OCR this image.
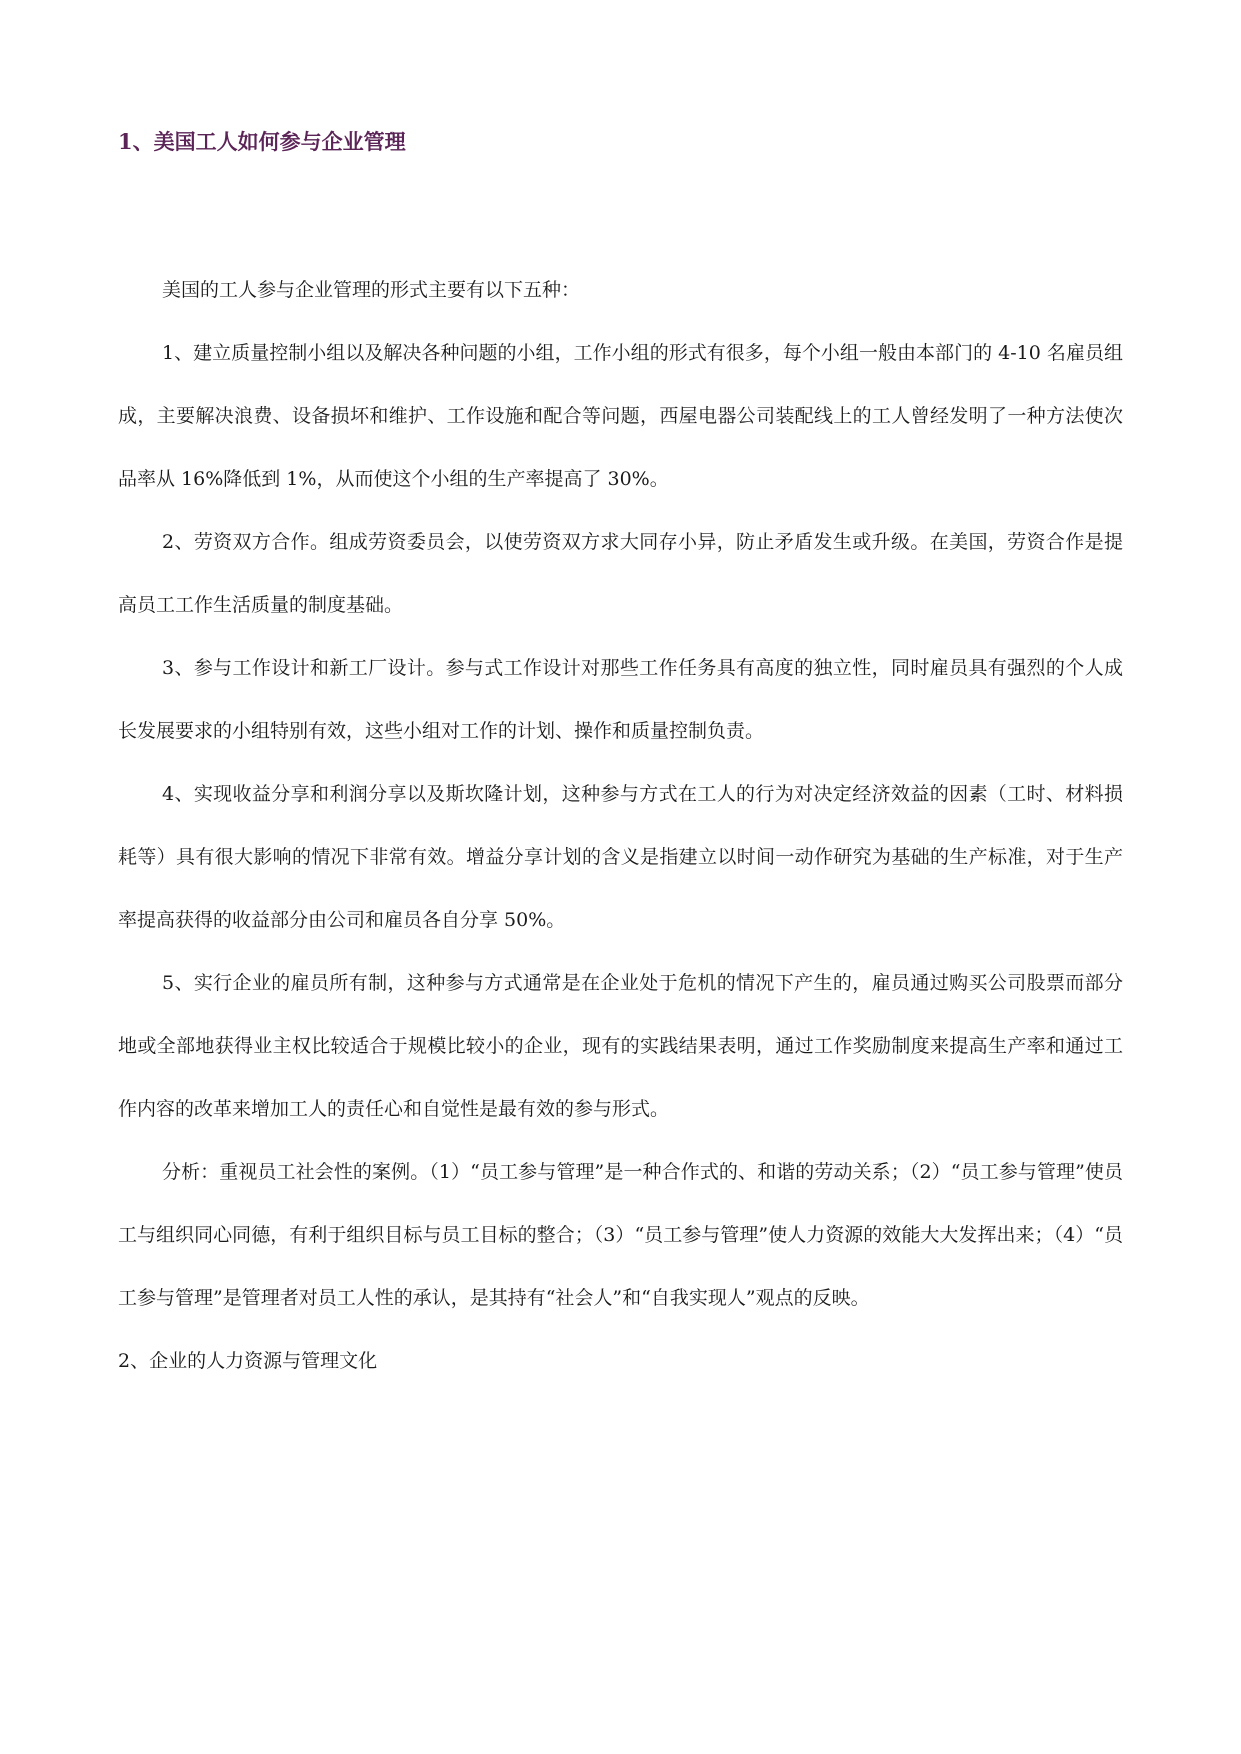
1、美国工人如何参与企业管理

美国的工人参与企业管理的形式主要有以下五种：

1、建立质量控制小组以及解决各种问题的小组，工作小组的形式有很多，每个小组一般由本部门的 4-10 名雇员组成，主要解决浪费、设备损坏和维护、工作设施和配合等问题，西屋电器公司装配线上的工人曾经发明了一种方法使次品率从 16%降低到 1%，从而使这个小组的生产率提高了 30%。

2、劳资双方合作。组成劳资委员会，以使劳资双方求大同存小异，防止矛盾发生或升级。在美国，劳资合作是提高员工工作生活质量的制度基础。

3、参与工作设计和新工厂设计。参与式工作设计对那些工作任务具有高度的独立性，同时雇员具有强烈的个人成长发展要求的小组特别有效，这些小组对工作的计划、操作和质量控制负责。

4、实现收益分享和利润分享以及斯坎隆计划，这种参与方式在工人的行为对决定经济效益的因素（工时、材料损耗等）具有很大影响的情况下非常有效。增益分享计划的含义是指建立以时间一动作研究为基础的生产标准，对于生产率提高获得的收益部分由公司和雇员各自分享 50%。

5、实行企业的雇员所有制，这种参与方式通常是在企业处于危机的情况下产生的，雇员通过购买公司股票而部分地或全部地获得业主权比较适合于规模比较小的企业，现有的实践结果表明，通过工作奖励制度来提高生产率和通过工作内容的改革来增加工人的责任心和自觉性是最有效的参与形式。

分析：重视员工社会性的案例。（1）“员工参与管理”是一种合作式的、和谐的劳动关系；（2）“员工参与管理”使员工与组织同心同德，有利于组织目标与员工目标的整合；（3）“员工参与管理”使人力资源的效能大大发挥出来；（4）“员工参与管理”是管理者对员工人性的承认，是其持有“社会人”和“自我实现人”观点的反映。

2、企业的人力资源与管理文化
